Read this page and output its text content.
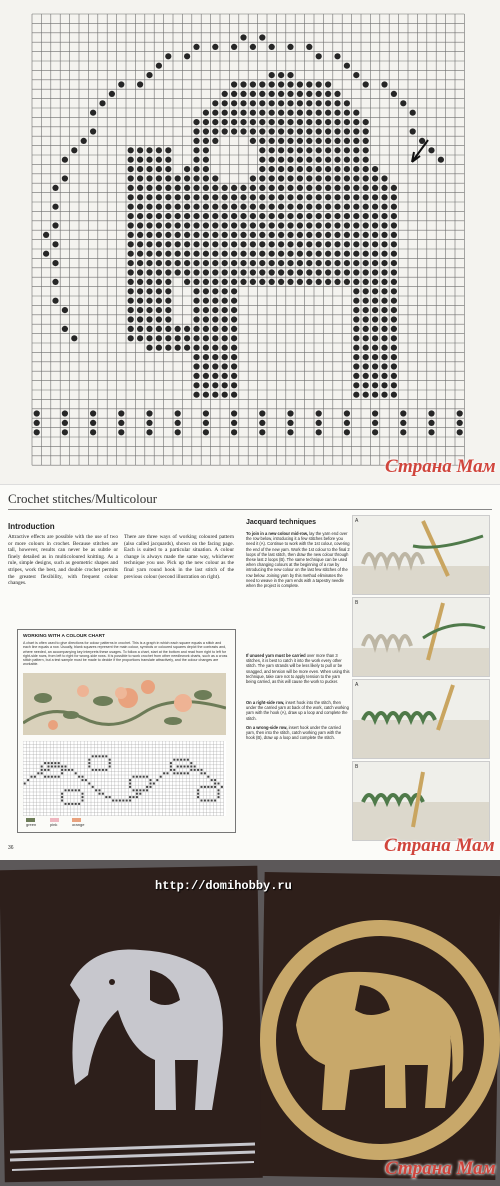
Страна Мам
Crochet stitches/Multicolour
Introduction
Attractive effects are possible with the use of two or more colours in crochet. Because stitches are tall, however, results can never be as subtle or finely detailed as in multicoloured knitting. As a rule, simple designs, such as geometric shapes and stripes, work the best, and double crochet permits the greatest flexibility, with frequent colour changes.
There are three ways of working coloured pattern (also called jacquards), shown on the facing page. Each is suited to a particular situation. A colour change is always made the same way, whichever technique you use. Pick up the new colour as the final yarn round hook in the last stitch of the previous colour (second illustration on right).
WORKING WITH A COLOUR CHART
A chart is often used to give directions for colour patterns in crochet. This is a graph in which each square equals a stitch and each line equals a row. Usually, blank squares represent the main colour, symbols or coloured squares depict the contrasts and, where needed, an accompanying key interprets these usages. To follow a chart, start at the bottom and read from right to left for right-side rows, from left to right for wrong-side rows. It is possible to work crochet from other needlework charts, such as a cross stitch pattern, but a test sample must be made to decide if the proportions translate attractively, and the colour changes are workable.
green	pink	orange
36
Jacquard techniques
To join in a new colour mid-row, lay the yarn end over the row below, introducing it a few stitches before you need it (A). Continue to work with the 1st colour, covering the end of the new yarn. Work the 1st colour to the final 2 loops of the last stitch, then draw the new colour through these last 2 loops (B). The same technique can be used when changing colours at the beginning of a row by introducing the new colour on the last few stitches of the row below. Joining yarn by this method eliminates the need to weave in the yarn ends with a tapestry needle when the project is complete.
If unused yarn must be carried over more than 3 stitches, it is best to catch it into the work every other stitch. The yarn strands will be less likely to pull or be snagged, and tension will be more even. When using this technique, take care not to apply tension to the yarn being carried, as this will cause the work to pucker.
On a right-side row, insert hook into the stitch, then under the carried yarn at back of the work, catch working yarn with the hook (A), draw up a loop and complete the stitch.
On a wrong-side row, insert hook under the carried yarn, then into the stitch, catch working yarn with the hook (B), draw up a loop and complete the stitch.
A
B
A
B
Страна Мам
http://domihobby.ru
Страна Мам
